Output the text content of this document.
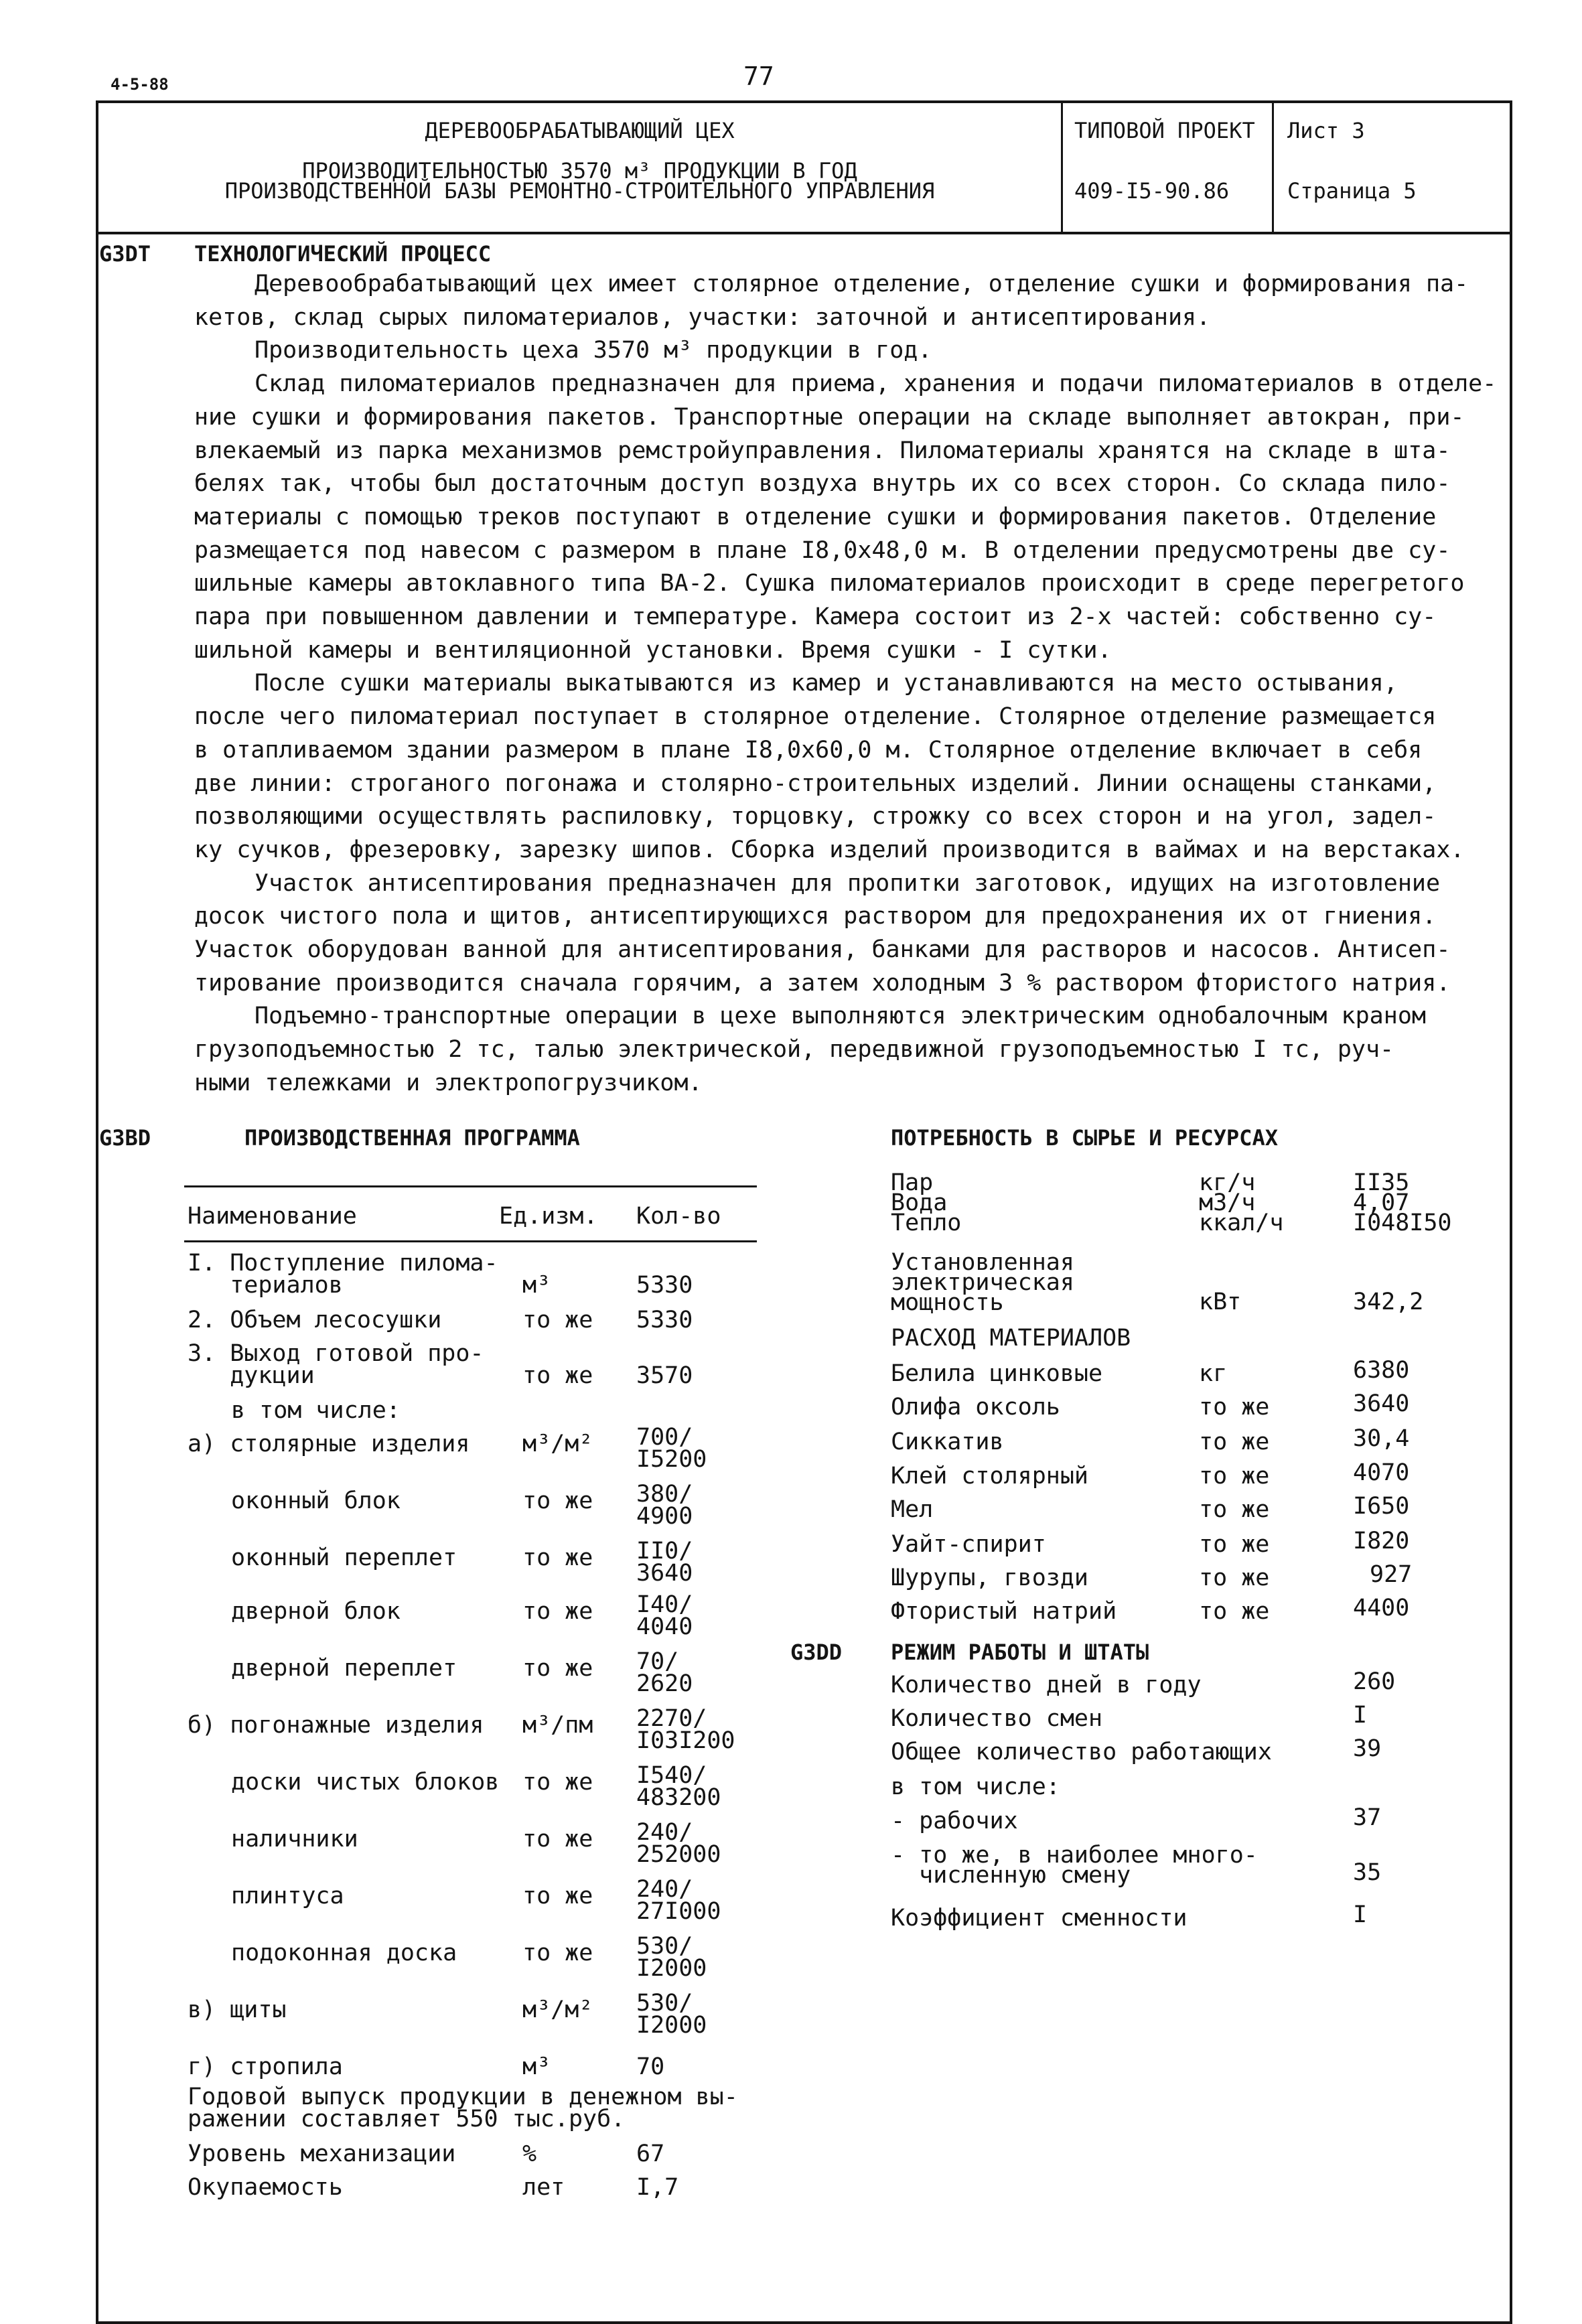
4-5-88	77
ДЕРЕВООБРАБАТЫВАЮЩИЙ ЦЕХ
ПРОИЗВОДИТЕЛЬНОСТЬЮ 3570 м³ ПРОДУКЦИИ В ГОД
ПРОИЗВОДСТВЕННОЙ БАЗЫ РЕМОНТНО-СТРОИТЕЛЬНОГО УПРАВЛЕНИЯ
ТИПОВОЙ ПРОЕКТ
409-I5-90.86
Лист 3
Страница 5
G3DT ТЕХНОЛОГИЧЕСКИЙ ПРОЦЕСС
Деревообрабатывающий цех имеет столярное отделение, отделение сушки и формирования па-
кетов, склад сырых пиломатериалов, участки: заточной и антисептирования.
Производительность цеха 3570 м³ продукции в год.
Склад пиломатериалов предназначен для приема, хранения и подачи пиломатериалов в отделе-
ние сушки и формирования пакетов. Транспортные операции на складе выполняет автокран, при-
влекаемый из парка механизмов ремстройуправления. Пиломатериалы хранятся на складе в шта-
белях так, чтобы был достаточным доступ воздуха внутрь их со всех сторон. Со склада пило-
материалы с помощью треков поступают в отделение сушки и формирования пакетов. Отделение
размещается под навесом с размером в плане I8,0x48,0 м. В отделении предусмотрены две су-
шильные камеры автоклавного типа ВА-2. Сушка пиломатериалов происходит в среде перегретого
пара при повышенном давлении и температуре. Камера состоит из 2-х частей: собственно су-
шильной камеры и вентиляционной установки. Время сушки - I сутки.
После сушки материалы выкатываются из камер и устанавливаются на место остывания,
после чего пиломатериал поступает в столярное отделение. Столярное отделение размещается
в отапливаемом здании размером в плане I8,0x60,0 м. Столярное отделение включает в себя
две линии: строганого погонажа и столярно-строительных изделий. Линии оснащены станками,
позволяющими осуществлять распиловку, торцовку, строжку со всех сторон и на угол, задел-
ку сучков, фрезеровку, зарезку шипов. Сборка изделий производится в ваймах и на верстаках.
Участок антисептирования предназначен для пропитки заготовок, идущих на изготовление
досок чистого пола и щитов, антисептирующихся раствором для предохранения их от гниения.
Участок оборудован ванной для антисептирования, банками для растворов и насосов. Антисеп-
тирование производится сначала горячим, а затем холодным 3 % раствором фтористого натрия.
Подъемно-транспортные операции в цехе выполняются электрическим однобалочным краном
грузоподъемностью 2 тс, талью электрической, передвижной грузоподъемностью I тс, руч-
ными тележками и электропогрузчиком.
G3BD	ПРОИЗВОДСТВЕННАЯ ПРОГРАММА
Наименование	Ед.изм. Кол-во
I. Поступление пилома-
териалов	м³	5330
2. Объем лесосушки	то же 5330
3. Выход готовой про-
дукции	то же 3570
в том числе:
а) столярные изделия м³/м² 700/
I5200
оконный блок	то же 380/
4900
оконный переплет	то же II0/
3640
дверной блок	то же I40/
4040
дверной переплет	то же 70/
2620
б) погонажные изделия м³/пм 2270/
I03I200
доски чистых блоков то же I540/
483200
наличники	то же 240/
252000
плинтуса	то же 240/
27I000
подоконная доска	то же 530/
I2000
в) щиты	м³/м² 530/
I2000
г) стропила	м³	70
Годовой выпуск продукции в денежном вы-
ражении составляет 550 тыс.руб.
Уровень механизации	%	67
Окупаемость	лет	I,7
ПОТРЕБНОСТЬ В СЫРЬЕ И РЕСУРСАХ
Пар	кг/ч	II35
Вода	м3/ч	4,07
Тепло	ккал/ч	I048I50
Установленная
электрическая
мощность	кВт	342,2
РАСХОД МАТЕРИАЛОВ
Белила цинковые	кг	6380
Олифа оксоль	то же	3640
Сиккатив	то же	30,4
Клей столярный	то же	4070
Мел	то же	I650
Уайт-спирит	то же	I820
Шурупы, гвозди	то же	927
Фтористый натрий	то же	4400
G3DD РЕЖИМ РАБОТЫ И ШТАТЫ
Количество дней в году	260
Количество смен	I
Общее количество работающих	39
в том числе:
- рабочих	37
- то же, в наиболее много-
численную смену	35
Коэффициент сменности	I
